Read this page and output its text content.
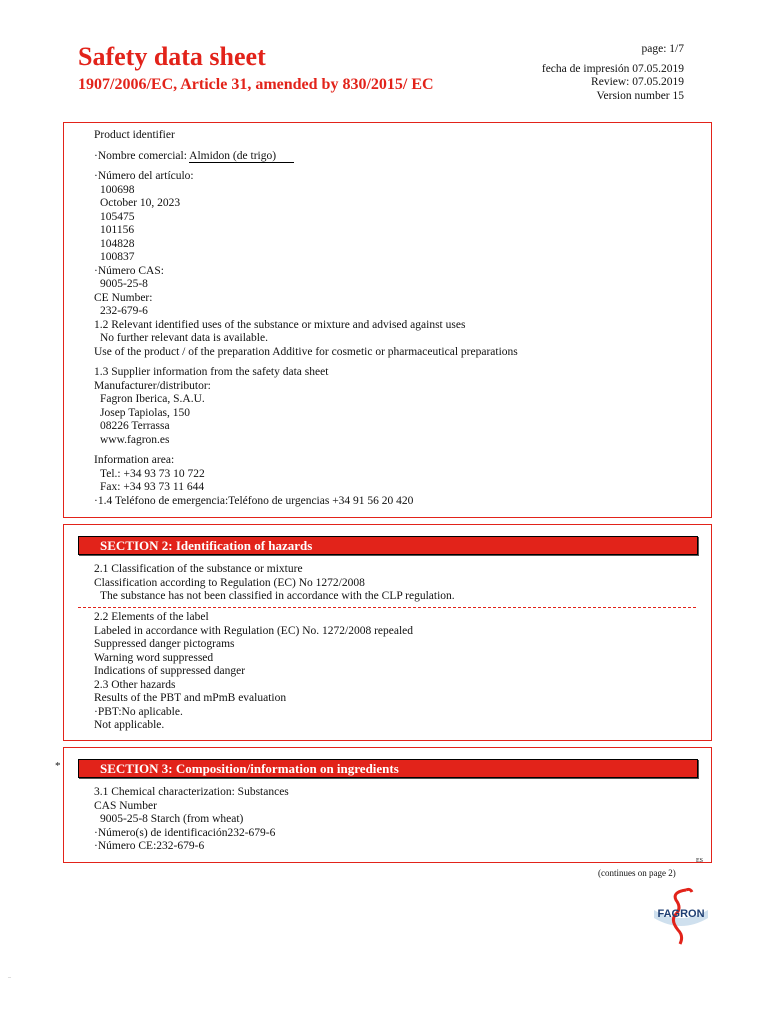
Safety data sheet
1907/2006/EC, Article 31, amended by 830/2015/ EC
page: 1/7
fecha de impresión 07.05.2019
Review: 07.05.2019
Version number 15
Product identifier
·Nombre comercial: Almidon (de trigo)
·Número del artículo:
100698
October 10, 2023
105475
101156
104828
100837
·Número CAS:
9005-25-8
CE Number:
232-679-6
1.2 Relevant identified uses of the substance or mixture and advised against uses
No further relevant data is available.
Use of the product / of the preparation Additive for cosmetic or pharmaceutical preparations
1.3 Supplier information from the safety data sheet
Manufacturer/distributor:
Fagron Iberica, S.A.U.
Josep Tapiolas, 150
08226 Terrassa
www.fagron.es
Information area:
Tel.: +34 93 73 10 722
Fax: +34 93 73 11 644
·1.4 Teléfono de emergencia:Teléfono de urgencias +34 91 56 20 420
SECTION 2: Identification of hazards
2.1 Classification of the substance or mixture
Classification according to Regulation (EC) No 1272/2008
The substance has not been classified in accordance with the CLP regulation.
2.2 Elements of the label
Labeled in accordance with Regulation (EC) No. 1272/2008 repealed
Suppressed danger pictograms
Warning word suppressed
Indications of suppressed danger
2.3 Other hazards
Results of the PBT and mPmB evaluation
·PBT:No aplicable.
Not applicable.
*	SECTION 3: Composition/information on ingredients
3.1 Chemical characterization: Substances
CAS Number
9005-25-8 Starch (from wheat)
·Número(s) de identificación232-679-6
·Número CE:232-679-6
ES
(continues on page 2)
FAGRON
–
